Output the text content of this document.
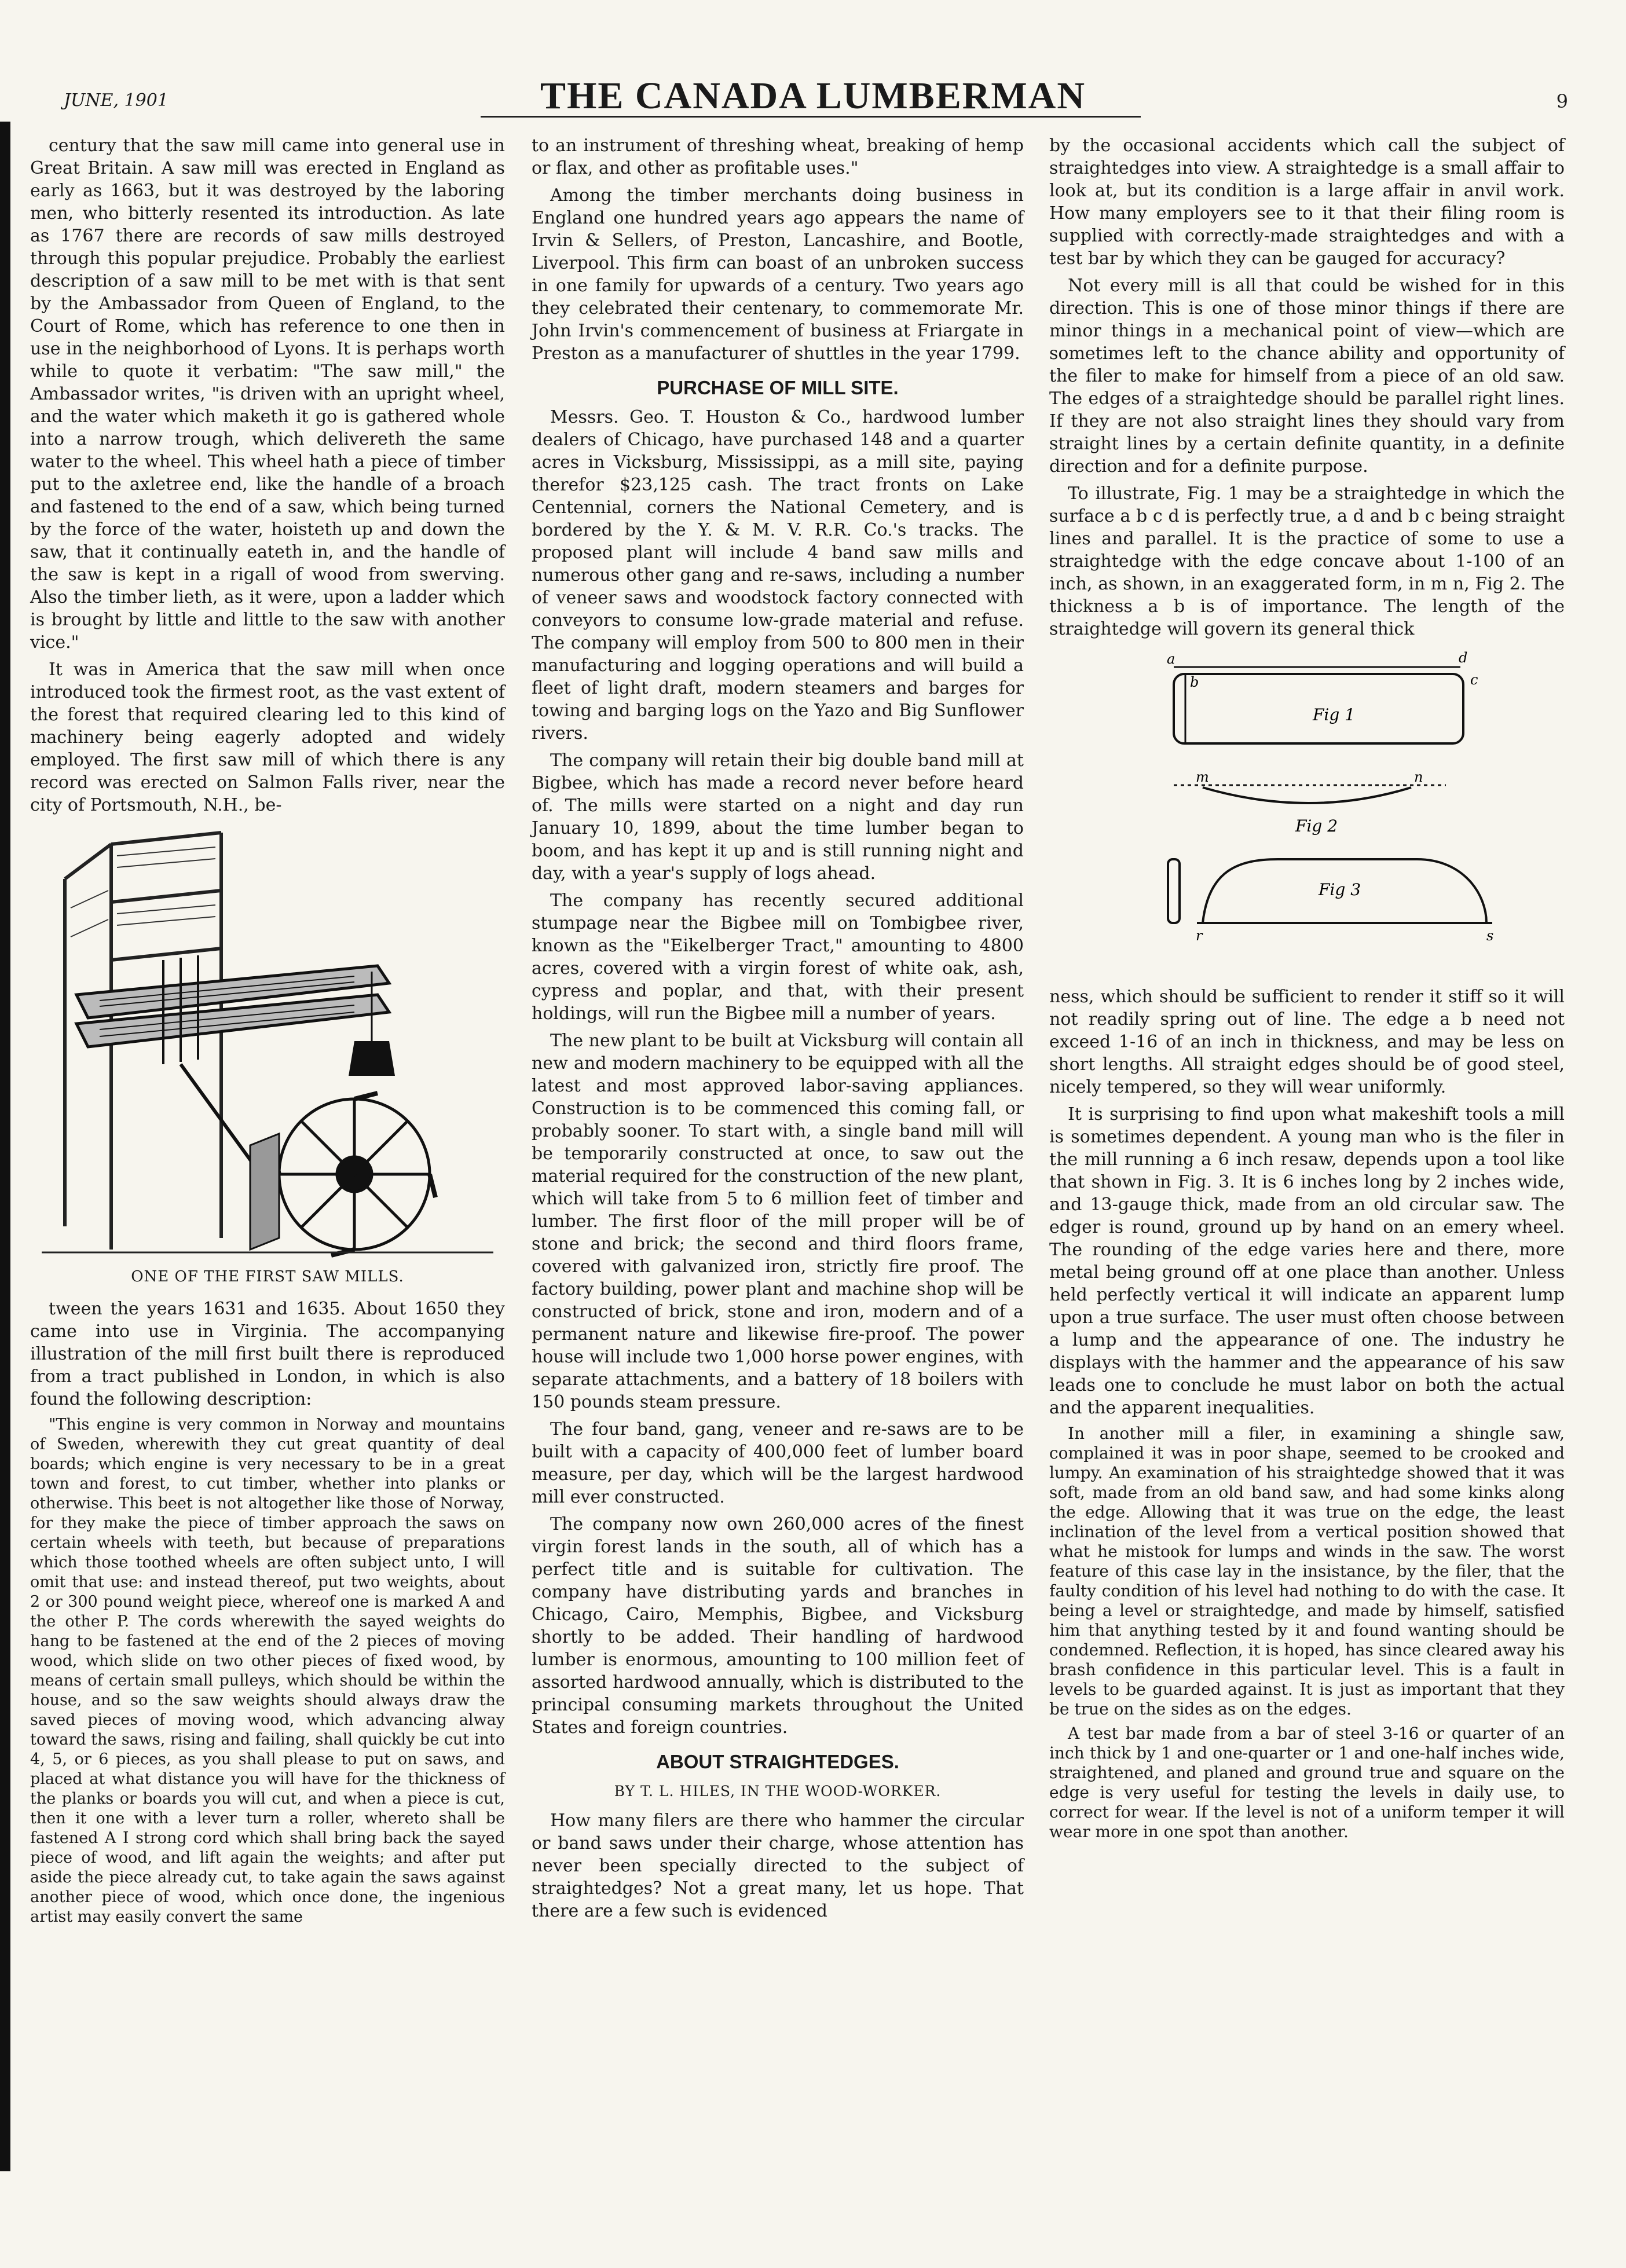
JUNE, 1901	THE CANADA LUMBERMAN	9

century that the saw mill came into general use in Great Britain. A saw mill was erected in England as early as 1663, but it was destroyed by the laboring men, who bitterly resented its introduction. As late as 1767 there are records of saw mills destroyed through this popular prejudice. Probably the earliest description of a saw mill to be met with is that sent by the Ambassador from Queen of England, to the Court of Rome, which has reference to one then in use in the neighborhood of Lyons. It is perhaps worth while to quote it verbatim: "The saw mill," the Ambassador writes, "is driven with an upright wheel, and the water which maketh it go is gathered whole into a narrow trough, which delivereth the same water to the wheel. This wheel hath a piece of timber put to the axletree end, like the handle of a broach and fastened to the end of a saw, which being turned by the force of the water, hoisteth up and down the saw, that it continually eateth in, and the handle of the saw is kept in a rigall of wood from swerving. Also the timber lieth, as it were, upon a ladder which is brought by little and little to the saw with another vice."

It was in America that the saw mill when once introduced took the firmest root, as the vast extent of the forest that required clearing led to this kind of machinery being eagerly adopted and widely employed. The first saw mill of which there is any record was erected on Salmon Falls river, near the city of Portsmouth, N.H., be-

ONE OF THE FIRST SAW MILLS.

tween the years 1631 and 1635. About 1650 they came into use in Virginia. The accompanying illustration of the mill first built there is reproduced from a tract published in London, in which is also found the following description:

"This engine is very common in Norway and mountains of Sweden, wherewith they cut great quantity of deal boards; which engine is very necessary to be in a great town and forest, to cut timber, whether into planks or otherwise. This beet is not altogether like those of Norway, for they make the piece of timber approach the saws on certain wheels with teeth, but because of preparations which those toothed wheels are often subject unto, I will omit that use: and instead thereof, put two weights, about 2 or 300 pound weight piece, whereof one is marked A and the other P. The cords wherewith the sayed weights do hang to be fastened at the end of the 2 pieces of moving wood, which slide on two other pieces of fixed wood, by means of certain small pulleys, which should be within the house, and so the saw weights should always draw the saved pieces of moving wood, which advancing alway toward the saws, rising and failing, shall quickly be cut into 4, 5, or 6 pieces, as you shall please to put on saws, and placed at what distance you will have for the thickness of the planks or boards you will cut, and when a piece is cut, then it one with a lever turn a roller, whereto shall be fastened A I strong cord which shall bring back the sayed piece of wood, and lift again the weights; and after put aside the piece already cut, to take again the saws against another piece of wood, which once done, the ingenious artist may easily convert the same

to an instrument of threshing wheat, breaking of hemp or flax, and other as profitable uses."

Among the timber merchants doing business in England one hundred years ago appears the name of Irvin & Sellers, of Preston, Lancashire, and Bootle, Liverpool. This firm can boast of an unbroken success in one family for upwards of a century. Two years ago they celebrated their centenary, to commemorate Mr. John Irvin's commencement of business at Friargate in Preston as a manufacturer of shuttles in the year 1799.

PURCHASE OF MILL SITE.

Messrs. Geo. T. Houston & Co., hardwood lumber dealers of Chicago, have purchased 148 and a quarter acres in Vicksburg, Mississippi, as a mill site, paying therefor $23,125 cash. The tract fronts on Lake Centennial, corners the National Cemetery, and is bordered by the Y. & M. V. R.R. Co.'s tracks. The proposed plant will include 4 band saw mills and numerous other gang and re-saws, including a number of veneer saws and woodstock factory connected with conveyors to consume low-grade material and refuse. The company will employ from 500 to 800 men in their manufacturing and logging operations and will build a fleet of light draft, modern steamers and barges for towing and barging logs on the Yazo and Big Sunflower rivers.

The company will retain their big double band mill at Bigbee, which has made a record never before heard of. The mills were started on a night and day run January 10, 1899, about the time lumber began to boom, and has kept it up and is still running night and day, with a year's supply of logs ahead.

The company has recently secured additional stumpage near the Bigbee mill on Tombigbee river, known as the "Eikelberger Tract," amounting to 4800 acres, covered with a virgin forest of white oak, ash, cypress and poplar, and that, with their present holdings, will run the Bigbee mill a number of years.

The new plant to be built at Vicksburg will contain all new and modern machinery to be equipped with all the latest and most approved labor-saving appliances. Construction is to be commenced this coming fall, or probably sooner. To start with, a single band mill will be temporarily constructed at once, to saw out the material required for the construction of the new plant, which will take from 5 to 6 million feet of timber and lumber. The first floor of the mill proper will be of stone and brick; the second and third floors frame, covered with galvanized iron, strictly fire proof. The factory building, power plant and machine shop will be constructed of brick, stone and iron, modern and of a permanent nature and likewise fire-proof. The power house will include two 1,000 horse power engines, with separate attachments, and a battery of 18 boilers with 150 pounds steam pressure.

The four band, gang, veneer and re-saws are to be built with a capacity of 400,000 feet of lumber board measure, per day, which will be the largest hardwood mill ever constructed.

The company now own 260,000 acres of the finest virgin forest lands in the south, all of which has a perfect title and is suitable for cultivation. The company have distributing yards and branches in Chicago, Cairo, Memphis, Bigbee, and Vicksburg shortly to be added. Their handling of hardwood lumber is enormous, amounting to 100 million feet of assorted hardwood annually, which is distributed to the principal consuming markets throughout the United States and foreign countries.

ABOUT STRAIGHTEDGES.
BY T. L. HILES, IN THE WOOD-WORKER.

How many filers are there who hammer the circular or band saws under their charge, whose attention has never been specially directed to the subject of straightedges? Not a great many, let us hope. That there are a few such is evidenced

by the occasional accidents which call the subject of straightedges into view. A straightedge is a small affair to look at, but its condition is a large affair in anvil work. How many employers see to it that their filing room is supplied with correctly-made straightedges and with a test bar by which they can be gauged for accuracy?

Not every mill is all that could be wished for in this direction. This is one of those minor things if there are minor things in a mechanical point of view—which are sometimes left to the chance ability and opportunity of the filer to make for himself from a piece of an old saw. The edges of a straightedge should be parallel right lines. If they are not also straight lines they should vary from straight lines by a certain definite quantity, in a definite direction and for a definite purpose.

To illustrate, Fig. 1 may be a straightedge in which the surface a b c d is perfectly true, a d and b c being straight lines and parallel. It is the practice of some to use a straightedge with the edge concave about 1-100 of an inch, as shown, in an exaggerated form, in m n, Fig 2. The thickness a b is of importance. The length of the straightedge will govern its general thick

a
b	c
d
Fig 1
m	n
Fig 2
r	s
Fig 3

ness, which should be sufficient to render it stiff so it will not readily spring out of line. The edge a b need not exceed 1-16 of an inch in thickness, and may be less on short lengths. All straight edges should be of good steel, nicely tempered, so they will wear uniformly.

It is surprising to find upon what makeshift tools a mill is sometimes dependent. A young man who is the filer in the mill running a 6 inch resaw, depends upon a tool like that shown in Fig. 3. It is 6 inches long by 2 inches wide, and 13-gauge thick, made from an old circular saw. The edger is round, ground up by hand on an emery wheel. The rounding of the edge varies here and there, more metal being ground off at one place than another. Unless held perfectly vertical it will indicate an apparent lump upon a true surface. The user must often choose between a lump and the appearance of one. The industry he displays with the hammer and the appearance of his saw leads one to conclude he must labor on both the actual and the apparent inequalities.

In another mill a filer, in examining a shingle saw, complained it was in poor shape, seemed to be crooked and lumpy. An examination of his straightedge showed that it was soft, made from an old band saw, and had some kinks along the edge. Allowing that it was true on the edge, the least inclination of the level from a vertical position showed that what he mistook for lumps and winds in the saw. The worst feature of this case lay in the insistance, by the filer, that the faulty condition of his level had nothing to do with the case. It being a level or straightedge, and made by himself, satisfied him that anything tested by it and found wanting should be condemned. Reflection, it is hoped, has since cleared away his brash confidence in this particular level. This is a fault in levels to be guarded against. It is just as important that they be true on the sides as on the edges.

A test bar made from a bar of steel 3-16 or quarter of an inch thick by 1 and one-quarter or 1 and one-half inches wide, straightened, and planed and ground true and square on the edge is very useful for testing the levels in daily use, to correct for wear. If the level is not of a uniform temper it will wear more in one spot than another.
